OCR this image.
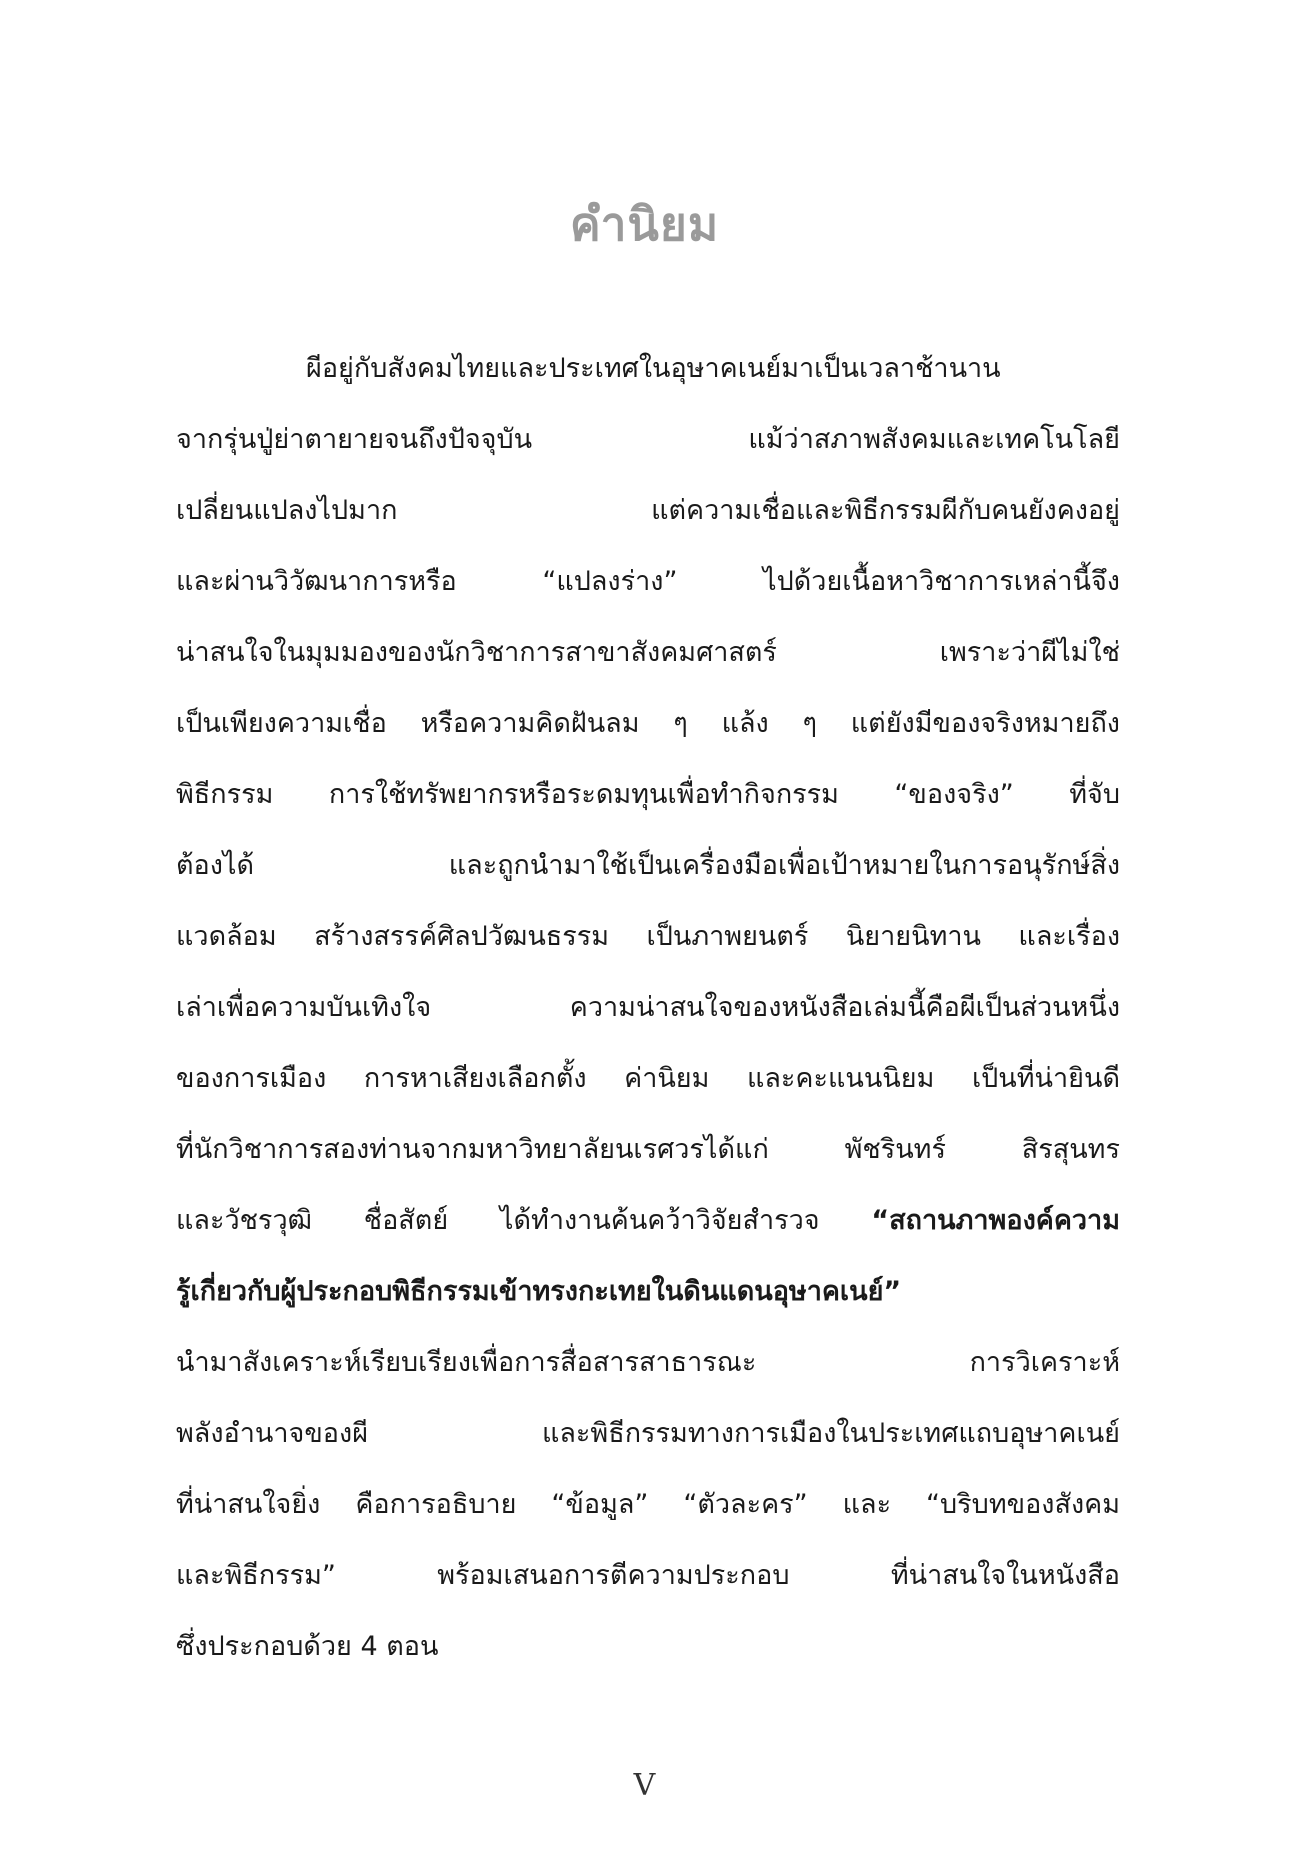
คำนิยม
ผีอยู่กับสังคมไทยและประเทศในอุษาคเนย์มาเป็นเวลาช้านาน
จากรุ่นปู่ย่าตายายจนถึงปัจจุบัน แม้ว่าสภาพสังคมและเทคโนโลยี
เปลี่ยนแปลงไปมาก แต่ความเชื่อและพิธีกรรมผีกับคนยังคงอยู่
และผ่านวิวัฒนาการหรือ “แปลงร่าง” ไปด้วยเนื้อหาวิชาการเหล่านี้จึง
น่าสนใจในมุมมองของนักวิชาการสาขาสังคมศาสตร์ เพราะว่าผีไม่ใช่
เป็นเพียงความเชื่อ หรือความคิดฝันลม ๆ แล้ง ๆ แต่ยังมีของจริงหมายถึง
พิธีกรรม การใช้ทรัพยากรหรือระดมทุนเพื่อทำกิจกรรม “ของจริง” ที่จับ
ต้องได้ และถูกนำมาใช้เป็นเครื่องมือเพื่อเป้าหมายในการอนุรักษ์สิ่ง
แวดล้อม สร้างสรรค์ศิลปวัฒนธรรม เป็นภาพยนตร์ นิยายนิทาน และเรื่อง
เล่าเพื่อความบันเทิงใจ ความน่าสนใจของหนังสือเล่มนี้คือผีเป็นส่วนหนึ่ง
ของการเมือง การหาเสียงเลือกตั้ง ค่านิยม และคะแนนนิยม เป็นที่น่ายินดี
ที่นักวิชาการสองท่านจากมหาวิทยาลัยนเรศวรได้แก่ พัชรินทร์ สิรสุนทร
และวัชรวุฒิ ชื่อสัตย์ ได้ทำงานค้นคว้าวิจัยสำรวจ “สถานภาพองค์ความ
รู้เกี่ยวกับผู้ประกอบพิธีกรรมเข้าทรงกะเทยในดินแดนอุษาคเนย์”
นำมาสังเคราะห์เรียบเรียงเพื่อการสื่อสารสาธารณะ การวิเคราะห์
พลังอำนาจของผี และพิธีกรรมทางการเมืองในประเทศแถบอุษาคเนย์
ที่น่าสนใจยิ่ง คือการอธิบาย “ข้อมูล” “ตัวละคร” และ “บริบทของสังคม
และพิธีกรรม” พร้อมเสนอการตีความประกอบ ที่น่าสนใจในหนังสือ
ซึ่งประกอบด้วย 4 ตอน
V
